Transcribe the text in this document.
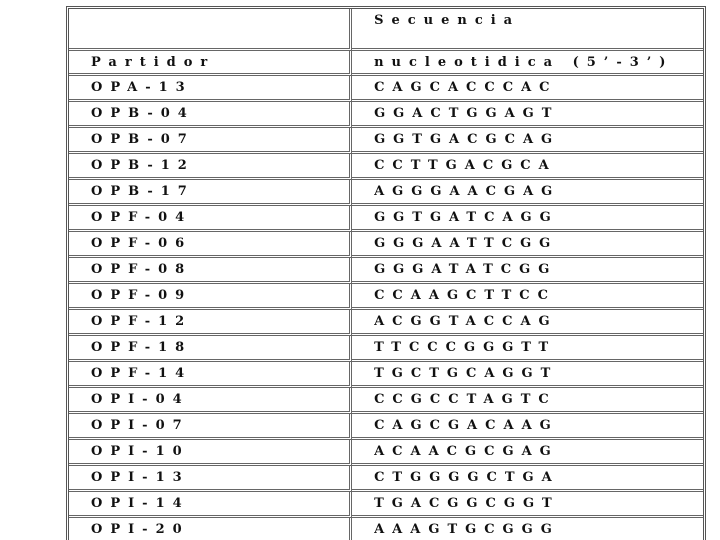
	Secuencia
Partidor	nucleotidica (5’-3’)
OPA-13	CAGCACCCAC
OPB-04	GGACTGGAGT
OPB-07	GGTGACGCAG
OPB-12	CCTTGACGCA
OPB-17	AGGGAACGAG
OPF-04	GGTGATCAGG
OPF-06	GGGAATTCGG
OPF-08	GGGATATCGG
OPF-09	CCAAGCTTCC
OPF-12	ACGGTACCAG
OPF-18	TTCCCGGGTT
OPF-14	TGCTGCAGGT
OPI-04	CCGCCTAGTC
OPI-07	CAGCGACAAG
OPI-10	ACAACGCGAG
OPI-13	CTGGGGCTGA
OPI-14	TGACGGCGGT
OPI-20	AAAGTGCGGG
